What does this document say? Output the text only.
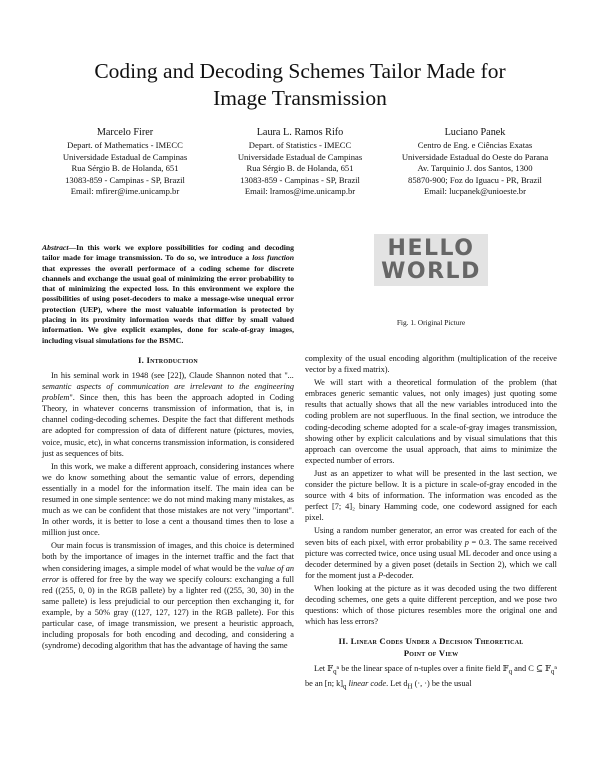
Coding and Decoding Schemes Tailor Made for
Image Transmission
Marcelo Firer
Depart. of Mathematics - IMECC
Universidade Estadual de Campinas
Rua Sérgio B. de Holanda, 651
13083-859 - Campinas - SP, Brazil
Email: mfirer@ime.unicamp.br
Laura L. Ramos Rifo
Depart. of Statistics - IMECC
Universidade Estadual de Campinas
Rua Sérgio B. de Holanda, 651
13083-859 - Campinas - SP, Brazil
Email: lramos@ime.unicamp.br
Luciano Panek
Centro de Eng. e Ciências Exatas
Universidade Estadual do Oeste do Parana
Av. Tarquinio J. dos Santos, 1300
85870-900; Foz do Iguacu - PR, Brazil
Email: lucpanek@unioeste.br

Abstract—In this work we explore possibilities for coding and decoding tailor made for image transmission. To do so, we introduce a loss function that expresses the overall performace of a coding scheme for discrete channels and exchange the usual goal of minimizing the error probability to that of minimizing the expected loss. In this environment we explore the possibilities of using poset-decoders to make a message-wise unequal error protection (UEP), where the most valuable information is protected by placing in its proximity information words that differ by small valued information. We give explicit examples, done for scale-of-gray images, including visual simulations for the BSMC.

I. Introduction

In his seminal work in 1948 (see [22]), Claude Shannon noted that "... semantic aspects of communication are irrelevant to the engineering problem". Since then, this has been the approach adopted in Coding Theory, in whatever concerns transmission of information, that is, in channel coding-decoding schemes. Despite the fact that different methods are adopted for compression of data of different nature (pictures, movies, voice, music, etc), in what concerns transmission information, is considered just as sequences of bits.

In this work, we make a different approach, considering instances where we do know something about the semantic value of errors, depending essentially in a model for the information itself. The main idea can be resumed in one simple sentence: we do not mind making many mistakes, as much as we can be confident that those mistakes are not very "important". In other words, it is better to lose a cent a thousand times then to lose a million just once.

Our main focus is transmission of images, and this choice is determined both by the importance of images in the internet traffic and the fact that when considering images, a simple model of what would be the value of an error is offered for free by the way we specify colours: exchanging a full red ((255, 0, 0) in the RGB pallete) by a lighter red ((255, 30, 30) in the same pallete) is less prejudicial to our perception then exchanging it, for example, by a 50% gray ((127, 127, 127) in the RGB pallete). For this particular case, of image transmission, we present a heuristic approach, including proposals for both encoding and decoding, and considering a (syndrome) decoding algorithm that has the advantage of having the same

HELLO
WORLD
Fig. 1. Original Picture

complexity of the usual encoding algorithm (multiplication of the receive vector by a fixed matrix).

We will start with a theoretical formulation of the problem (that embraces generic semantic values, not only images) just quoting some results that actually shows that all the new variables introduced into the coding problem are not superfluous. In the final section, we introduce the coding-decoding scheme adopted for a scale-of-gray images transmission, showing other by explicit calculations and by visual simulations that this approach can overcome the usual approach, that aims to minimize the expected number of errors.

Just as an appetizer to what will be presented in the last section, we consider the picture bellow. It is a picture in scale-of-gray encoded in the source with 4 bits of information. The information was encoded as the perfect [7; 4]₂ binary Hamming code, one codeword assigned for each pixel.

Using a random number generator, an error was created for each of the seven bits of each pixel, with error probability p = 0.3. The same received picture was corrected twice, once using usual ML decoder and once using a decoder determined by a given poset (details in Section 2), which we call for the moment just a P-decoder.

When looking at the picture as it was decoded using the two different decoding schemes, one gets a quite different perception, and we pose two questions: which of those pictures resembles more the original one and which has less errors?

II. Linear Codes Under a Decision Theoretical
Point of View

Let 𝔽$_q$ⁿ be the linear space of n-tuples over a finite field 𝔽$_q$ and C ⊆ 𝔽$_q$ⁿ be an [n; $k]_q$ linear code. Let $d_H$ (·, ·) be the usual
